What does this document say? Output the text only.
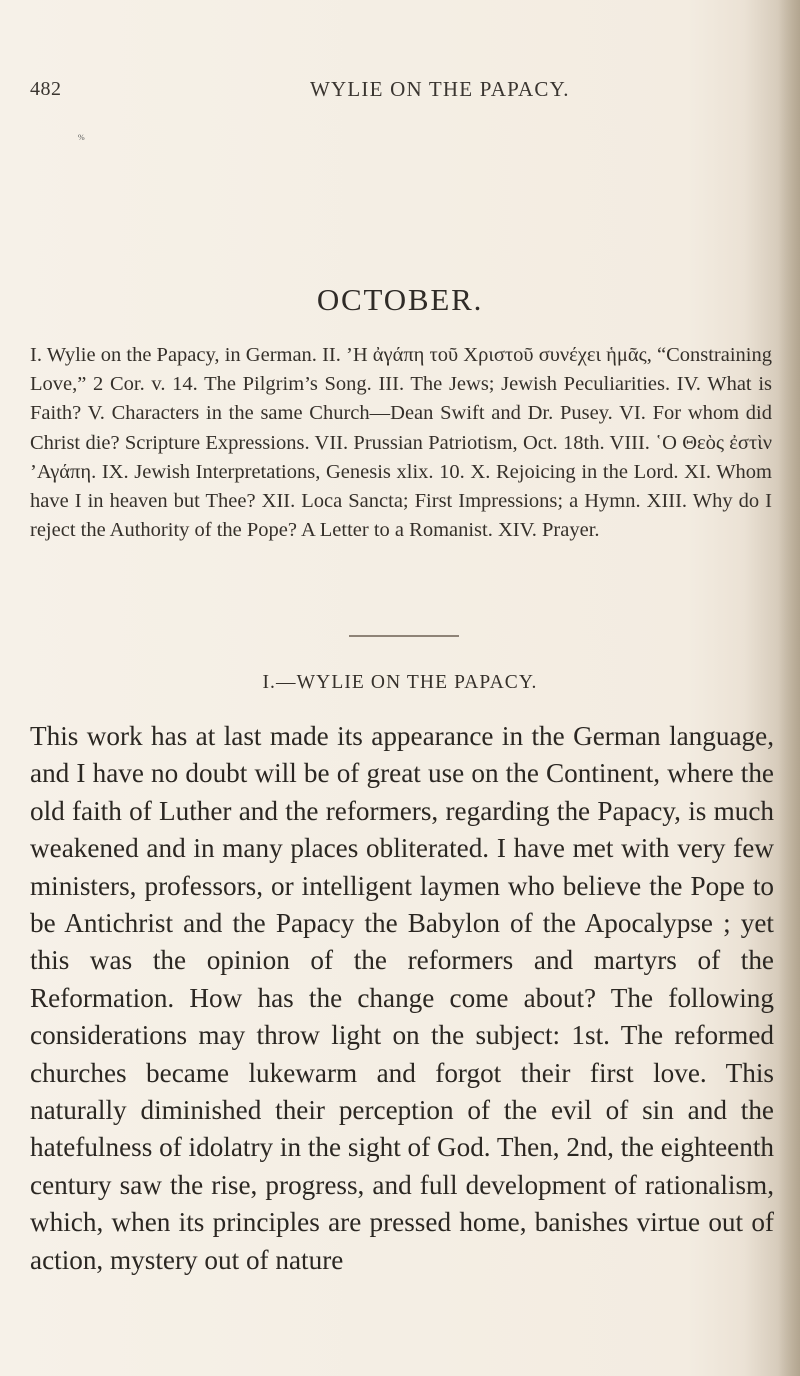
482	WYLIE ON THE PAPACY.
%
OCTOBER.
I. Wylie on the Papacy, in German. II. ’Η ἀγάπη τοῦ Χριστοῦ συνέχει ἡμᾶς, “Constraining Love,” 2 Cor. v. 14. The Pilgrim’s Song. III. The Jews; Jewish Peculiarities. IV. What is Faith? V. Characters in the same Church—Dean Swift and Dr. Pusey. VI. For whom did Christ die? Scripture Expressions. VII. Prussian Patriotism, Oct. 18th. VIII. ῾Ο Θεὸς ἐστὶν ’Αγάπη. IX. Jewish Interpretations, Genesis xlix. 10. X. Rejoicing in the Lord. XI. Whom have I in heaven but Thee? XII. Loca Sancta; First Impressions; a Hymn. XIII. Why do I reject the Authority of the Pope? A Letter to a Romanist. XIV. Prayer.
I.—WYLIE ON THE PAPACY.
This work has at last made its appearance in the German language, and I have no doubt will be of great use on the Continent, where the old faith of Luther and the reformers, regarding the Papacy, is much weakened and in many places obliterated. I have met with very few ministers, professors, or intelligent laymen who believe the Pope to be Antichrist and the Papacy the Babylon of the Apocalypse ; yet this was the opinion of the reformers and martyrs of the Reformation. How has the change come about? The following considerations may throw light on the subject: 1st. The reformed churches became lukewarm and forgot their first love. This naturally diminished their perception of the evil of sin and the hatefulness of idolatry in the sight of God. Then, 2nd, the eighteenth century saw the rise, progress, and full development of rationalism, which, when its principles are pressed home, banishes virtue out of action, mystery out of nature
